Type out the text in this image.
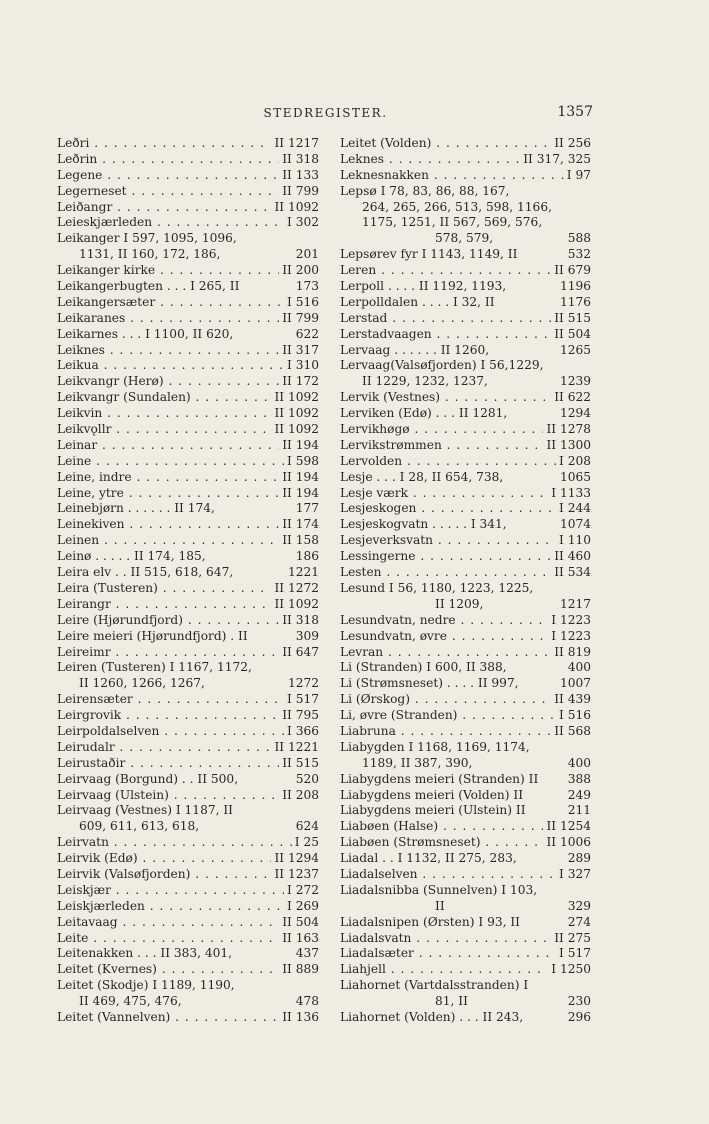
STEDREGISTER.	1357
Leðri . . .	II 1217
Leðrin . . .	II 318
Legene . . .	II 133
Legerneset . . .	II 799
Leiðangr . . .	II 1092
Leieskjærleden . . .	I 302
Leikanger I 597, 1095, 1096,
1131, II 160, 172, 186,	201
Leikanger kirke . . .	II 200
Leikangerbugten . . . I 265, II	173
Leikangersæter . . .	I 516
Leikaranes . . .	II 799
Leikarnes . . . I 1100, II 620,	622
Leiknes . . .	II 317
Leikua . . .	I 310
Leikvangr (Herø) . . .	II 172
Leikvangr (Sundalen) . . .	II 1092
Leikvin . . .	II 1092
Leikvǫllr . . .	II 1092
Leinar . . .	II 194
Leine . . .	I 598
Leine, indre . . .	II 194
Leine, ytre . . .	II 194
Leinebjørn . . . . . . II 174,	177
Leinekiven . . .	II 174
Leinen . . .	II 158
Leinø . . . . . II 174, 185,	186
Leira elv . . II 515, 618, 647,	1221
Leira (Tusteren) . . .	II 1272
Leirangr . . .	II 1092
Leire (Hjørundfjord) . . .	II 318
Leire meieri (Hjørundfjord) . II	309
Leireimr . . .	II 647
Leiren (Tusteren) I 1167, 1172,
II 1260, 1266, 1267,	1272
Leirensæter . . .	I 517
Leirgrovik . . .	II 795
Leirpoldalselven . . .	I 366
Leirudalr . . .	II 1221
Leirustaðir . . .	II 515
Leirvaag (Borgund) . . II 500,	520
Leirvaag (Ulstein) . . .	II 208
Leirvaag (Vestnes) I 1187, II
609, 611, 613, 618,	624
Leirvatn . . .	I 25
Leirvik (Edø) . . .	II 1294
Leirvik (Valsøfjorden) . . .	II 1237
Leiskjær . . .	I 272
Leiskjærleden . . .	I 269
Leitavaag . . .	II 504
Leite . . .	II 163
Leitenakken . . . II 383, 401,	437
Leitet (Kvernes) . . .	II 889
Leitet (Skodje) I 1189, 1190,
II 469, 475, 476,	478
Leitet (Vannelven) . . .	II 136
Leitet (Volden) . . .	II 256
Leknes . . .	II 317, 325
Leknesnakken . . .	I 97
Lepsø I 78, 83, 86, 88, 167,
264, 265, 266, 513, 598, 1166,
1175, 1251, II 567, 569, 576,
578, 579,	588
Lepsørev fyr I 1143, 1149, II	532
Leren . . .	II 679
Lerpoll . . . . II 1192, 1193,	1196
Lerpolldalen . . . . I 32, II	1176
Lerstad . . .	II 515
Lerstadvaagen . . .	II 504
Lervaag . . . . . . II 1260,	1265
Lervaag(Valsøfjorden) I 56,1229,
II 1229, 1232, 1237,	1239
Lervik (Vestnes) . . .	II 622
Lerviken (Edø) . . . II 1281,	1294
Lervikhøgø . . .	II 1278
Lervikstrømmen . . .	II 1300
Lervolden . . .	I 208
Lesje . . . I 28, II 654, 738,	1065
Lesje værk . . .	I 1133
Lesjeskogen . . .	I 244
Lesjeskogvatn . . . . . I 341,	1074
Lesjeverksvatn . . .	I 110
Lessingerne . . .	II 460
Lesten . . .	II 534
Lesund I 56, 1180, 1223, 1225,
II 1209,	1217
Lesundvatn, nedre . . .	I 1223
Lesundvatn, øvre . . .	I 1223
Levran . . .	II 819
Li (Stranden) I 600, II 388,	400
Li (Strømsneset) . . . . II 997,	1007
Li (Ørskog) . . .	II 439
Li, øvre (Stranden) . . .	I 516
Liabruna . . .	II 568
Liabygden I 1168, 1169, 1174,
1189, II 387, 390,	400
Liabygdens meieri (Stranden) II	388
Liabygdens meieri (Volden) II	249
Liabygdens meieri (Ulstein) II	211
Liabøen (Halse) . . .	II 1254
Liabøen (Strømsneset) . . .	II 1006
Liadal . . I 1132, II 275, 283,	289
Liadalselven . . .	I 327
Liadalsnibba (Sunnelven) I 103,
II	329
Liadalsnipen (Ørsten) I 93, II	274
Liadalsvatn . . .	II 275
Liadalsæter . . .	I 517
Liahjell . . .	I 1250
Liahornet (Vartdalsstranden) I
81, II	230
Liahornet (Volden) . . . II 243,	296
